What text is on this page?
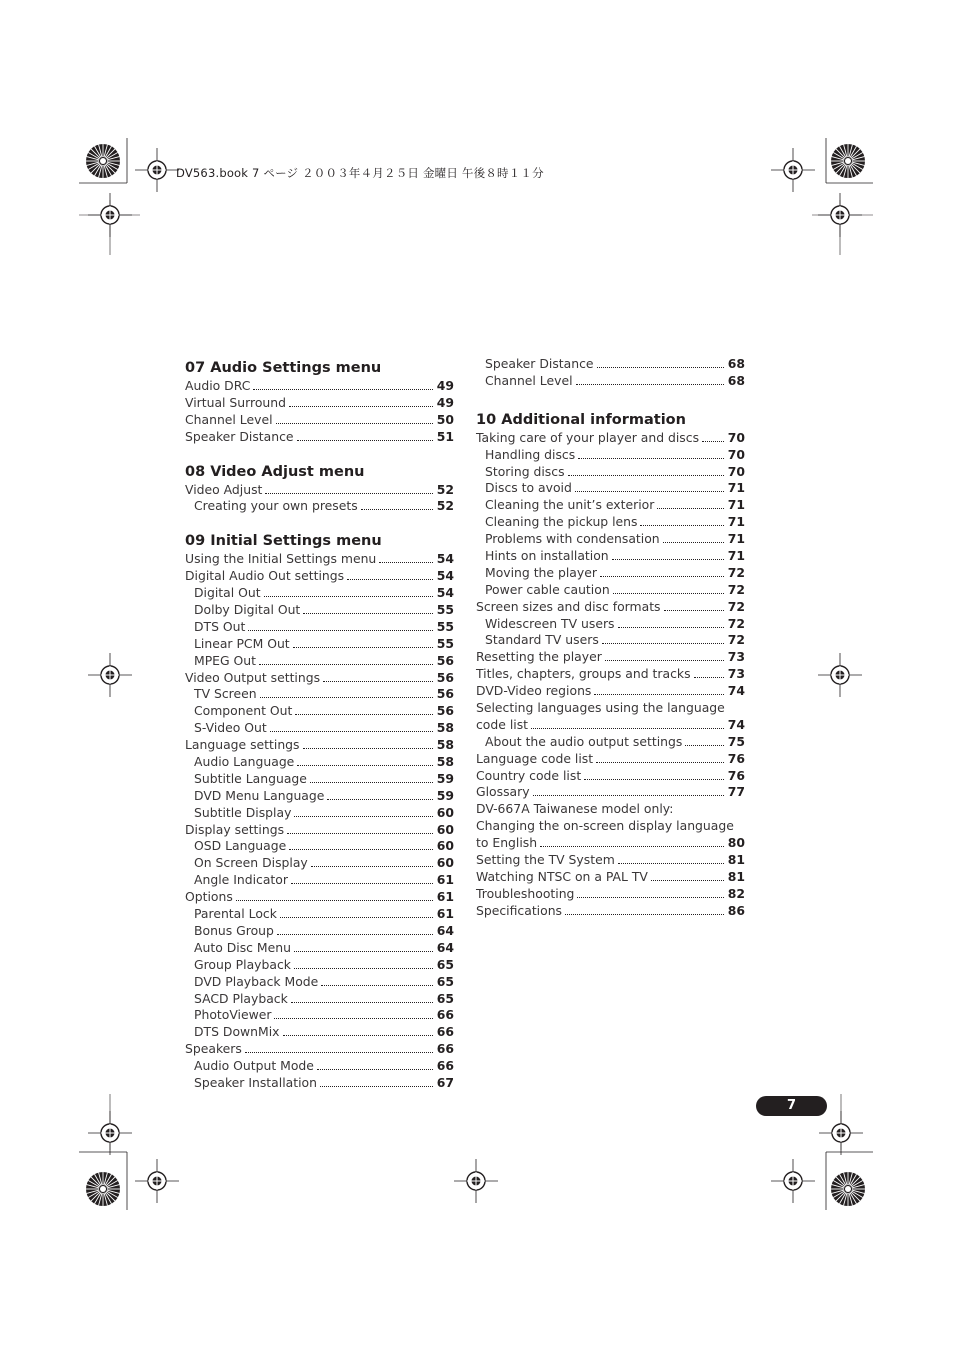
DV563.book 7 ページ ２００３年４月２５日 金曜日 午後８時１１分
07 Audio Settings menu
Audio DRC	49
Virtual Surround	49
Channel Level	50
Speaker Distance	51
08 Video Adjust menu
Video Adjust	52
Creating your own presets	52
09 Initial Settings menu
Using the Initial Settings menu	54
Digital Audio Out settings	54
Digital Out	54
Dolby Digital Out	55
DTS Out	55
Linear PCM Out	55
MPEG Out	56
Video Output settings	56
TV Screen	56
Component Out	56
S-Video Out	58
Language settings	58
Audio Language	58
Subtitle Language	59
DVD Menu Language	59
Subtitle Display	60
Display settings	60
OSD Language	60
On Screen Display	60
Angle Indicator	61
Options	61
Parental Lock	61
Bonus Group	64
Auto Disc Menu	64
Group Playback	65
DVD Playback Mode	65
SACD Playback	65
PhotoViewer	66
DTS DownMix	66
Speakers	66
Audio Output Mode	66
Speaker Installation	67
Speaker Distance	68
Channel Level	68
10 Additional information
Taking care of your player and discs 70
Handling discs	70
Storing discs	70
Discs to avoid	71
Cleaning the unit’s exterior	71
Cleaning the pickup lens	71
Problems with condensation	71
Hints on installation	71
Moving the player	72
Power cable caution	72
Screen sizes and disc formats	72
Widescreen TV users	72
Standard TV users	72
Resetting the player	73
Titles, chapters, groups and tracks	73
DVD-Video regions	74
Selecting languages using the language
code list	74
About the audio output settings	75
Language code list	76
Country code list	76
Glossary	77
DV-667A Taiwanese model only:
Changing the on-screen display language
to English	80
Setting the TV System	81
Watching NTSC on a PAL TV	81
Troubleshooting	82
Specifications	86
7
